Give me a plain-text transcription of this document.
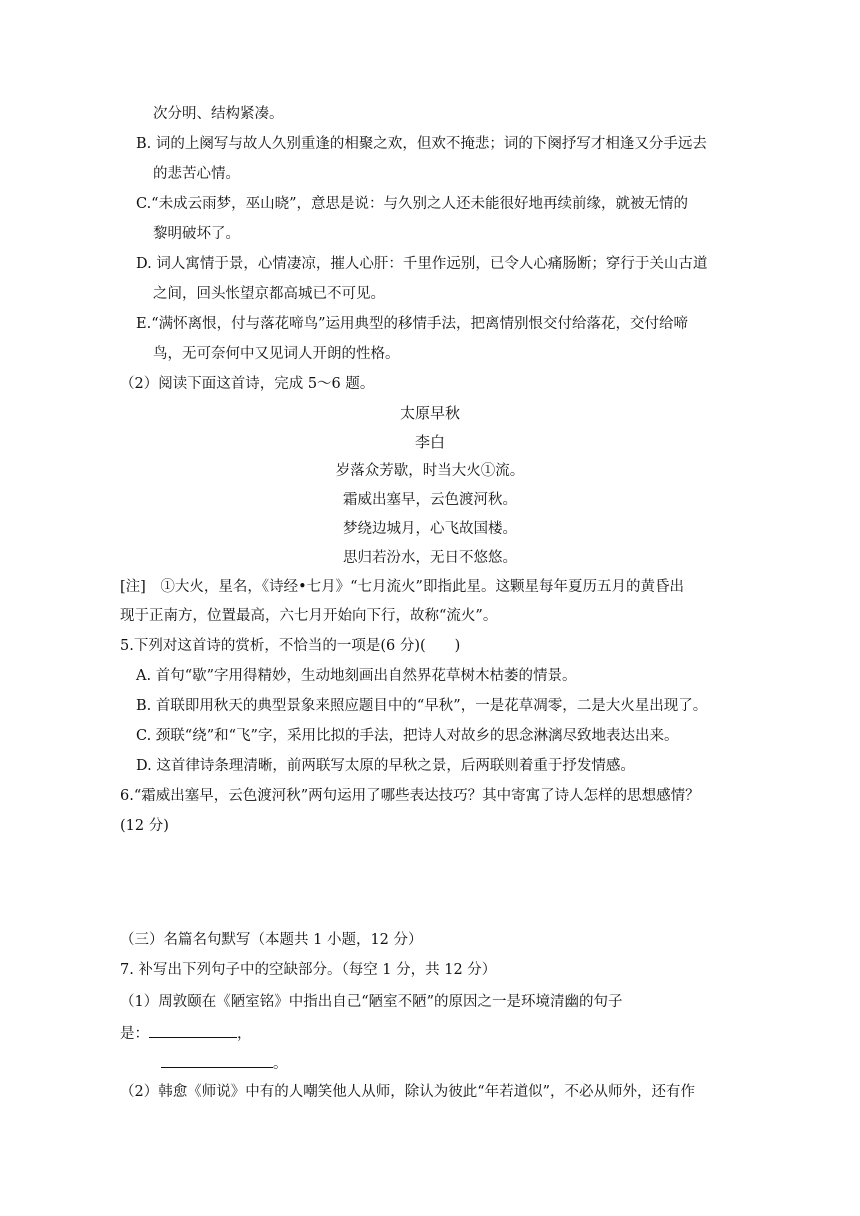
次分明、结构紧凑。
B. 词的上阕写与故人久别重逢的相聚之欢，但欢不掩悲；词的下阕抒写才相逢又分手远去
的悲苦心情。
C.“未成云雨梦，巫山晓”，意思是说：与久别之人还未能很好地再续前缘，就被无情的
黎明破坏了。
D. 词人寓情于景，心情凄凉，摧人心肝：千里作远别，已令人心痛肠断；穿行于关山古道
之间，回头怅望京都高城已不可见。
E.“满怀离恨，付与落花啼鸟”运用典型的移情手法，把离情别恨交付给落花，交付给啼
鸟，无可奈何中又见词人开朗的性格。
（2）阅读下面这首诗，完成 5～6 题。
太原早秋
李白
岁落众芳歇，时当大火①流。
霜威出塞早，云色渡河秋。
梦绕边城月，心飞故国楼。
思归若汾水，无日不悠悠。
[注]　①大火，星名，《诗经•七月》“七月流火”即指此星。这颗星每年夏历五月的黄昏出
现于正南方，位置最高，六七月开始向下行，故称“流火”。
5.下列对这首诗的赏析，不恰当的一项是(6 分)(　　)
A. 首句“歇”字用得精妙，生动地刻画出自然界花草树木枯萎的情景。
B. 首联即用秋天的典型景象来照应题目中的“早秋”，一是花草凋零，二是大火星出现了。
C. 颈联“绕”和“飞”字，采用比拟的手法，把诗人对故乡的思念淋漓尽致地表达出来。
D. 这首律诗条理清晰，前两联写太原的早秋之景，后两联则着重于抒发情感。
6.“霜威出塞早，云色渡河秋”两句运用了哪些表达技巧？其中寄寓了诗人怎样的思想感情？
(12 分)
（三）名篇名句默写（本题共 1 小题，12 分）
7. 补写出下列句子中的空缺部分。（每空 1 分，共 12 分）
（1）周敦颐在《陋室铭》中指出自己“陋室不陋”的原因之一是环境清幽的句子
是：	，
。
（2）韩愈《师说》中有的人嘲笑他人从师，除认为彼此“年若道似”，不必从师外，还有作
